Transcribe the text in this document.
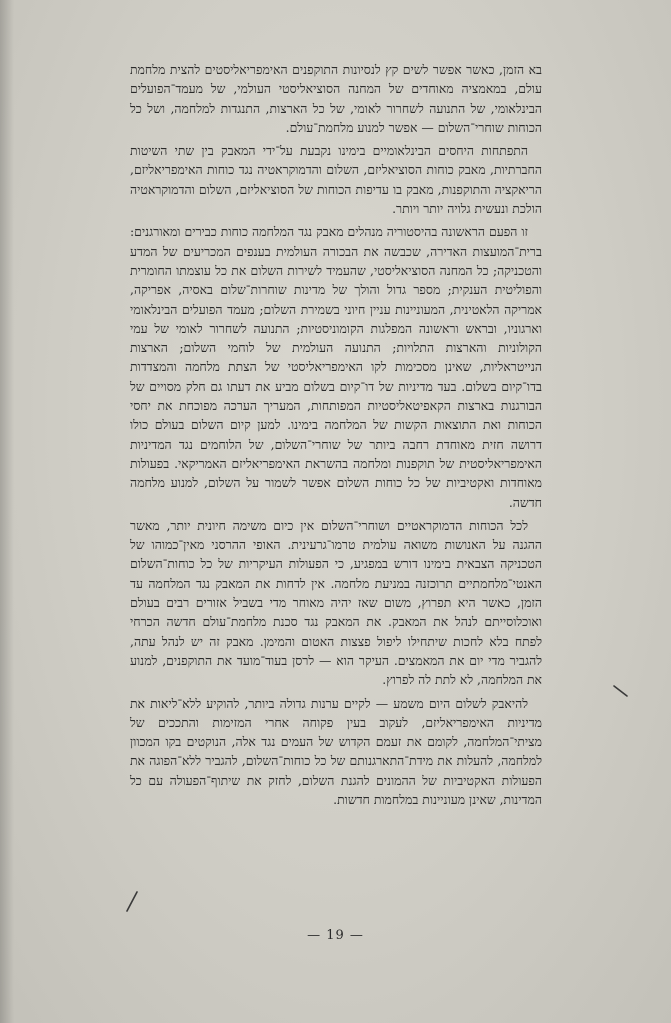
בא הזמן, כאשר אפשר לשים קץ לנסיונות התוקפנים האימפריאליסטים להצית מלחמת עולם, במאמציה מאוחדים של המחנה הסוציאליסטי העולמי, של מעמד־הפועלים הבינלאומי, של התנועה לשחרור לאומי, של כל הארצות, התנגדות למלחמה, ושל כל הכוחות שוחרי־השלום — אפשר למנוע מלחמת־עולם.

התפתחות היחסים הבינלאומיים בימינו נקבעת על־ידי המאבק בין שתי השיטות החברתיות, מאבק כוחות הסוציאליזם, השלום והדמוקראטיה נגד כוחות האימפריאליזם, הריאקציה והתוקפנות, מאבק בו עדיפות הכוחות של הסוציאליזם, השלום והדמוקראטיה הולכת ונעשית גלויה יותר ויותר.

זו הפעם הראשונה בהיסטוריה מנהלים מאבק נגד המלחמה כוחות כבירים ומאורגנים: ברית־המועצות האדירה, שכבשה את הבכורה העולמית בענפים המכריעים של המדע והטכניקה; כל המחנה הסוציאליסטי, שהעמיד לשירות השלום את כל עוצמתו החומרית והפוליטית הענקית; מספר גדול והולך של מדינות שוחרות־שלום באסיה, אפריקה, אמריקה הלאטינית, המעוניינות עניין חיוני בשמירת השלום; מעמד הפועלים הבינלאומי וארגוניו, ובראש וראשונה המפלגות הקומוניסטיות; התנועה לשחרור לאומי של עמי הקולוניות והארצות התלויות; התנועה העולמית של לוחמי השלום; הארצות הנייטראליות, שאינן מסכימות לקו האימפריאליסטי של הצתת מלחמה והמצדדות בדו־קיום בשלום. בעד מדיניות של דו־קיום בשלום מביע את דעתו גם חלק מסויים של הבורגנות בארצות הקאפיטאליסטיות המפותחות, המעריך הערכה מפוכחת את יחסי הכוחות ואת התוצאות הקשות של המלחמה בימינו. למען קיום השלום בעולם כולו דרושה חזית מאוחדת רחבה ביותר של שוחרי־השלום, של הלוחמים נגד המדיניות האימפריאליסטית של תוקפנות ומלחמה בהשראת האימפריאליזם האמריקאי. בפעולות מאוחדות ואקטיביות של כל כוחות השלום אפשר לשמור על השלום, למנוע מלחמה חדשה.

לכל הכוחות הדמוקראטיים ושוחרי־השלום אין כיום משימה חיונית יותר, מאשר ההגנה על האנושות משואה עולמית טרמו־גרעינית. האופי ההרסני מאין־כמוהו של הטכניקה הצבאית בימינו דורש במפגיע, כי הפעולות העיקריות של כל כוחות־השלום האנטי־מלחמתיים תרוכזנה במניעת מלחמה. אין לדחות את המאבק נגד המלחמה עד הזמן, כאשר היא תפרוץ, משום שאז יהיה מאוחר מדי בשביל אזורים רבים בעולם ואוכלוסייתם לנהל את המאבק. את המאבק נגד סכנת מלחמת־עולם חדשה הכרחי לפתח בלא לחכות שיתחילו ליפול פצצות האטום והמימן. מאבק זה יש לנהל עתה, להגביר מדי יום את המאמצים. העיקר הוא — לרסן בעוד־מועד את התוקפנים, למנוע את המלחמה, לא לתת לה לפרוץ.

להיאבק לשלום היום משמע — לקיים ערנות גדולה ביותר, להוקיע ללא־ליאות את מדיניות האימפריאליזם, לעקוב בעין פקוחה אחרי המזימות והתככים של מציתי־המלחמה, לקומם את זעמם הקדוש של העמים נגד אלה, הנוקטים בקו המכוון למלחמה, להעלות את מידת־התארגנותם של כל כוחות־השלום, להגביר ללא־הפוגה את הפעולות האקטיביות של ההמונים להגנת השלום, לחזק את שיתוף־הפעולה עם כל המדינות, שאינן מעוניינות במלחמות חדשות.

— 19 —
